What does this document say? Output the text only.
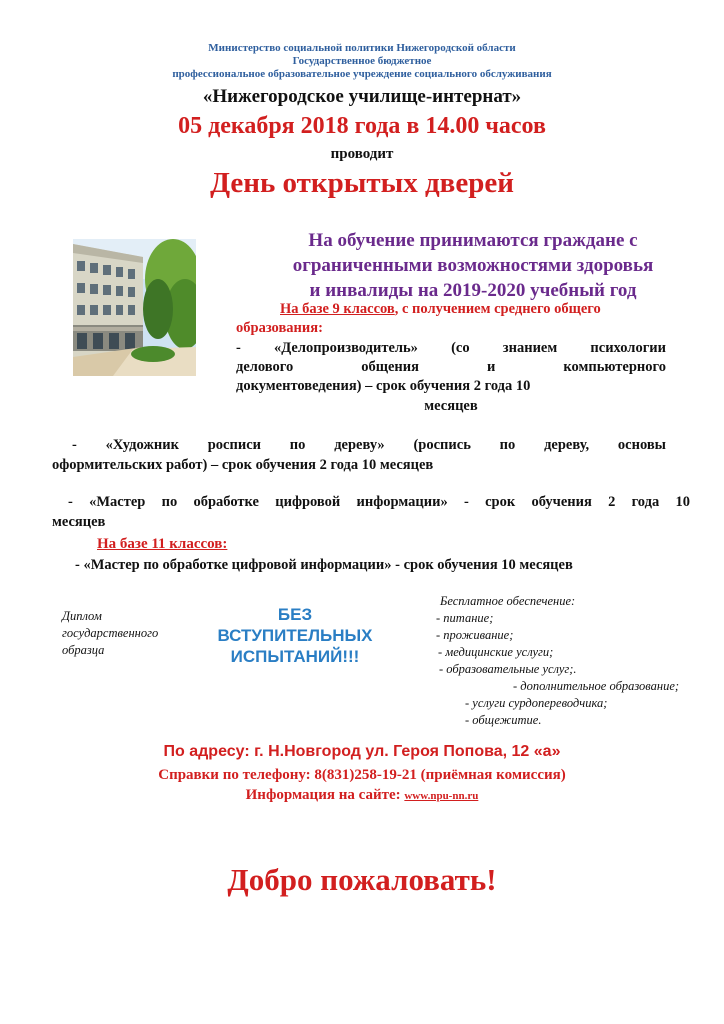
Министерство социальной политики Нижегородской области
Государственное бюджетное
профессиональное образовательное учреждение социального обслуживания
«Нижегородское училище-интернат»
05 декабря 2018 года в 14.00 часов
проводит
День открытых дверей
На обучение принимаются граждане с
ограниченными возможностями здоровья
и инвалиды на 2019-2020 учебный год
На базе 9 классов, с получением среднего общего
образования:
- «Делопроизводитель» (со знанием психологии
делового общения и компьютерного
документоведения) – срок обучения 2 года 10
месяцев
- «Художник росписи по дереву» (роспись по дереву, основы
оформительских работ) – срок обучения 2 года 10 месяцев
- «Мастер по обработке цифровой информации» - срок обучения 2 года 10
месяцев
На базе 11 классов:
- «Мастер по обработке цифровой информации» - срок обучения 10 месяцев
Диплом
государственного
образца
БЕЗ
ВСТУПИТЕЛЬНЫХ
ИСПЫТАНИЙ!!!
Бесплатное обеспечение:
- питание;
- проживание;
- медицинские услуги;
- образовательные услуг;.
- дополнительное образование;
- услуги сурдопереводчика;
- общежитие.
По адресу: г. Н.Новгород ул. Героя Попова, 12 «а»
Справки по телефону: 8(831)258-19-21 (приёмная комиссия)
Информация на сайте: www.npu-nn.ru
Добро пожаловать!
